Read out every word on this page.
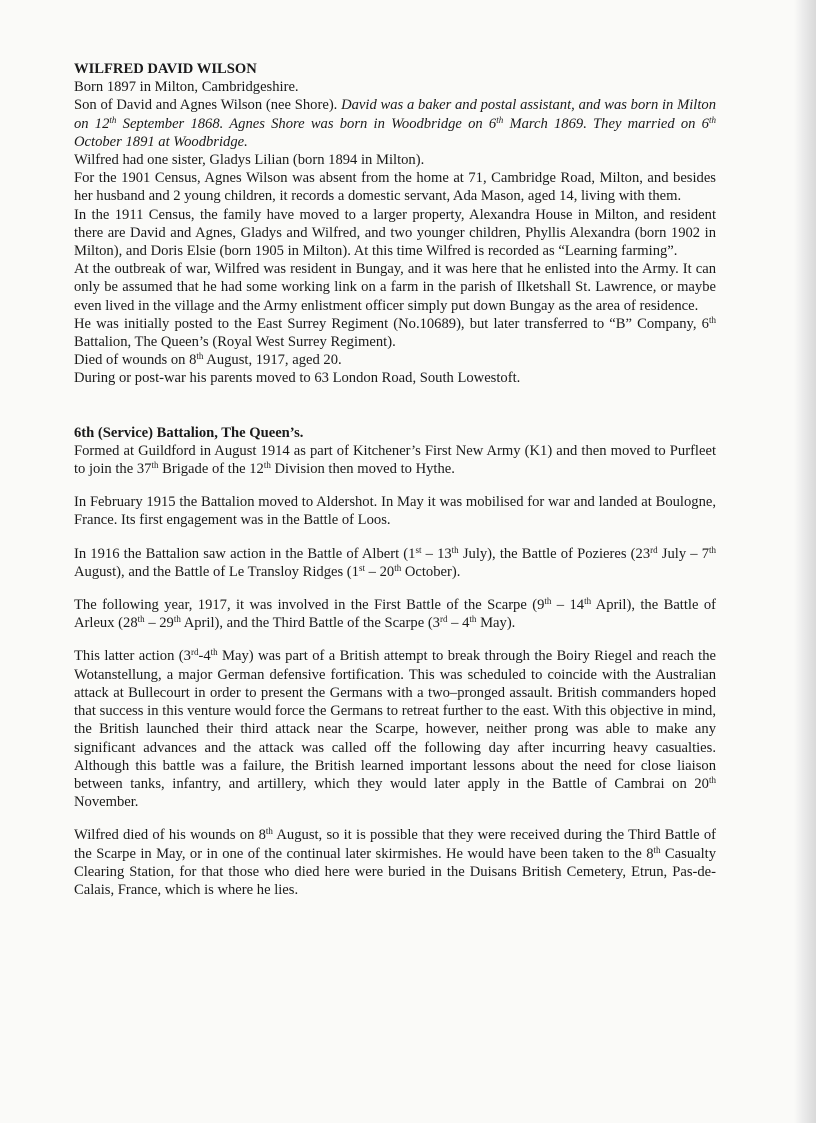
WILFRED DAVID WILSON

Born 1897 in Milton, Cambridgeshire.

Son of David and Agnes Wilson (nee Shore). David was a baker and postal assistant, and was born in Milton on 12th September 1868. Agnes Shore was born in Woodbridge on 6th March 1869. They married on 6th October 1891 at Woodbridge.

Wilfred had one sister, Gladys Lilian (born 1894 in Milton).

For the 1901 Census, Agnes Wilson was absent from the home at 71, Cambridge Road, Milton, and besides her husband and 2 young children, it records a domestic servant, Ada Mason, aged 14, living with them.

In the 1911 Census, the family have moved to a larger property, Alexandra House in Milton, and resident there are David and Agnes, Gladys and Wilfred, and two younger children, Phyllis Alexandra (born 1902 in Milton), and Doris Elsie (born 1905 in Milton). At this time Wilfred is recorded as “Learning farming”.

At the outbreak of war, Wilfred was resident in Bungay, and it was here that he enlisted into the Army. It can only be assumed that he had some working link on a farm in the parish of Ilketshall St. Lawrence, or maybe even lived in the village and the Army enlistment officer simply put down Bungay as the area of residence.

He was initially posted to the East Surrey Regiment (No.10689), but later transferred to “B” Company, 6th Battalion, The Queen’s (Royal West Surrey Regiment).

Died of wounds on 8th August, 1917, aged 20.

During or post-war his parents moved to 63 London Road, South Lowestoft.

6th (Service) Battalion, The Queen’s.

Formed at Guildford in August 1914 as part of Kitchener’s First New Army (K1) and then moved to Purfleet to join the 37th Brigade of the 12th Division then moved to Hythe.

In February 1915 the Battalion moved to Aldershot. In May it was mobilised for war and landed at Boulogne, France. Its first engagement was in the Battle of Loos.

In 1916 the Battalion saw action in the Battle of Albert (1st – 13th July), the Battle of Pozieres (23rd July – 7th August), and the Battle of Le Transloy Ridges (1st – 20th October).

The following year, 1917, it was involved in the First Battle of the Scarpe (9th – 14th April), the Battle of Arleux (28th – 29th April), and the Third Battle of the Scarpe (3rd – 4th May).

This latter action (3rd-4th May) was part of a British attempt to break through the Boiry Riegel and reach the Wotanstellung, a major German defensive fortification. This was scheduled to coincide with the Australian attack at Bullecourt in order to present the Germans with a two–pronged assault. British commanders hoped that success in this venture would force the Germans to retreat further to the east. With this objective in mind, the British launched their third attack near the Scarpe, however, neither prong was able to make any significant advances and the attack was called off the following day after incurring heavy casualties. Although this battle was a failure, the British learned important lessons about the need for close liaison between tanks, infantry, and artillery, which they would later apply in the Battle of Cambrai on 20th November.

Wilfred died of his wounds on 8th August, so it is possible that they were received during the Third Battle of the Scarpe in May, or in one of the continual later skirmishes. He would have been taken to the 8th Casualty Clearing Station, for that those who died here were buried in the Duisans British Cemetery, Etrun, Pas-de-Calais, France, which is where he lies.
